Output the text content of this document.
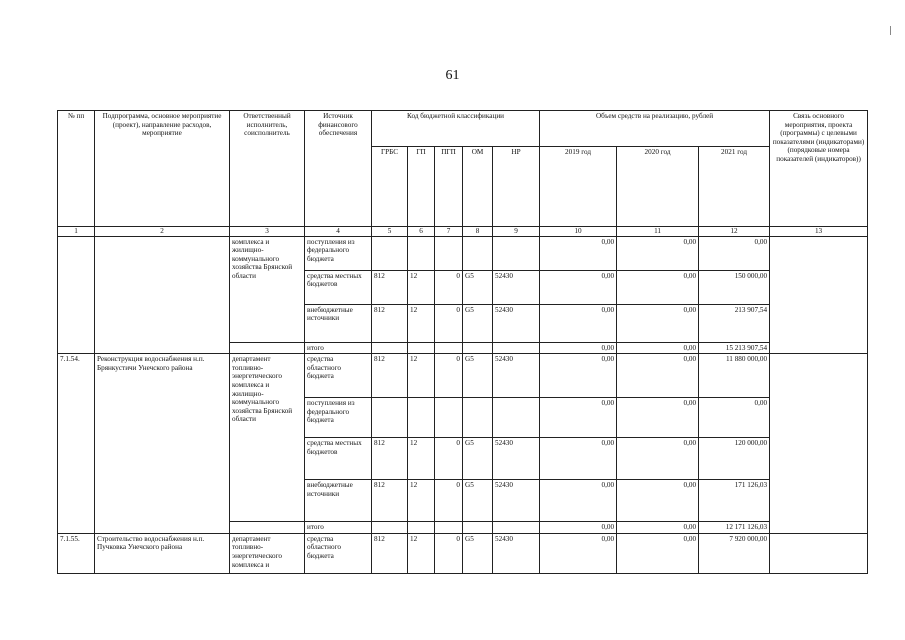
61
№ пп	Подпрограмма, основное мероприятие (проект), направление расходов, мероприятие	Ответственный исполнитель, соисполнитель	Источник финансового обеспечения	Код бюджетной классификации					Объем средств на реализацию, рублей			Связь основного мероприятия, проекта (программы) с целевыми показателями (индикаторами) (порядковые номера показателей (индикаторов))
				ГРБС	ГП	ПГП	ОМ	НР	2019 год	2020 год	2021 год	
1	2	3	4	5	6	7	8	9	10	11	12	13
		комплекса и жилищно-коммунального хозяйства Брянской области	поступления из федерального бюджета						0,00	0,00	0,00	
			средства местных бюджетов	812	12	0	G5	52430	0,00	0,00	150 000,00	
			внебюджетные источники	812	12	0	G5	52430	0,00	0,00	213 907,54	
			итого						0,00	0,00	15 213 907,54	
7.1.54.	Реконструкция водоснабжения н.п. Брянкустичи Унечского района	департамент топливно-энергетического комплекса и жилищно-коммунального хозяйства Брянской области	средства областного бюджета	812	12	0	G5	52430	0,00	0,00	11 880 000,00	
			поступления из федерального бюджета						0,00	0,00	0,00	
			средства местных бюджетов	812	12	0	G5	52430	0,00	0,00	120 000,00	
			внебюджетные источники	812	12	0	G5	52430	0,00	0,00	171 126,03	
			итого						0,00	0,00	12 171 126,03	
7.1.55.	Строительство водоснабжения н.п. Пучковка Унечского района	департамент топливно-энергетического комплекса и	средства областного бюджета	812	12	0	G5	52430	0,00	0,00	7 920 000,00	
